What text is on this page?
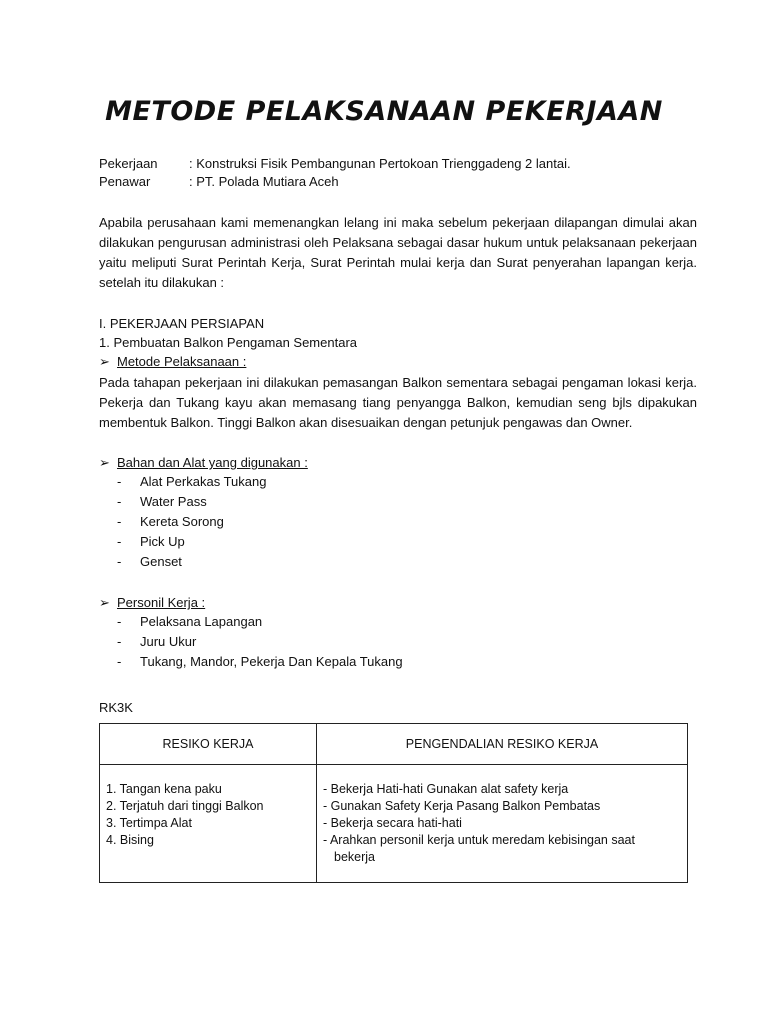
METODE PELAKSANAAN PEKERJAAN
Pekerjaan	: Konstruksi Fisik Pembangunan Pertokoan Trienggadeng 2 lantai.
Penawar	: PT. Polada Mutiara Aceh
Apabila perusahaan kami memenangkan lelang ini maka sebelum pekerjaan dilapangan dimulai akan dilakukan pengurusan administrasi oleh Pelaksana sebagai dasar hukum untuk pelaksanaan pekerjaan yaitu meliputi Surat Perintah Kerja, Surat Perintah mulai kerja dan Surat penyerahan lapangan kerja. setelah itu dilakukan :
I. PEKERJAAN PERSIAPAN
1. Pembuatan Balkon Pengaman Sementara
➢ Metode Pelaksanaan :
Pada tahapan pekerjaan ini dilakukan pemasangan Balkon sementara sebagai pengaman lokasi kerja. Pekerja dan Tukang kayu akan memasang tiang penyangga Balkon, kemudian seng bjls dipakukan membentuk Balkon. Tinggi Balkon akan disesuaikan dengan petunjuk pengawas dan Owner.
➢ Bahan dan Alat yang digunakan :
-	Alat Perkakas Tukang
-	Water Pass
-	Kereta Sorong
-	Pick Up
-	Genset
➢ Personil Kerja :
-	Pelaksana Lapangan
-	Juru Ukur
-	Tukang, Mandor, Pekerja Dan Kepala Tukang
RK3K
RESIKO KERJA	PENGENDALIAN RESIKO KERJA

1. Tangan kena paku
2. Terjatuh dari tinggi Balkon
3. Tertimpa Alat
4. Bising	- Bekerja Hati-hati Gunakan alat safety kerja
- Gunakan Safety Kerja Pasang Balkon Pembatas
- Bekerja secara hati-hati
- Arahkan personil kerja untuk meredam kebisingan saat
bekerja
